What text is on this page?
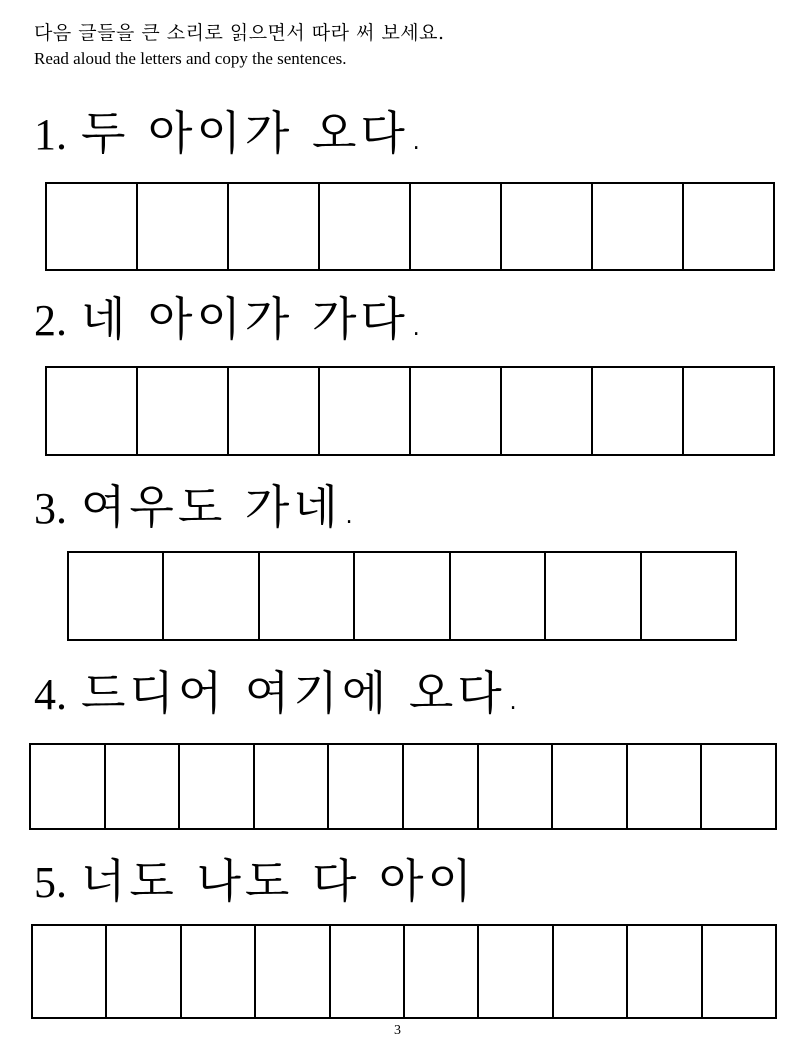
다음 글들을 큰 소리로 읽으면서 따라 써 보세요.

Read aloud the letters and copy the sentences.

1. 두 아이가 오다.
2. 네 아이가 가다.
3. 여우도 가네.
4. 드디어 여기에 오다.
5. 너도 나도 다 아이

3
